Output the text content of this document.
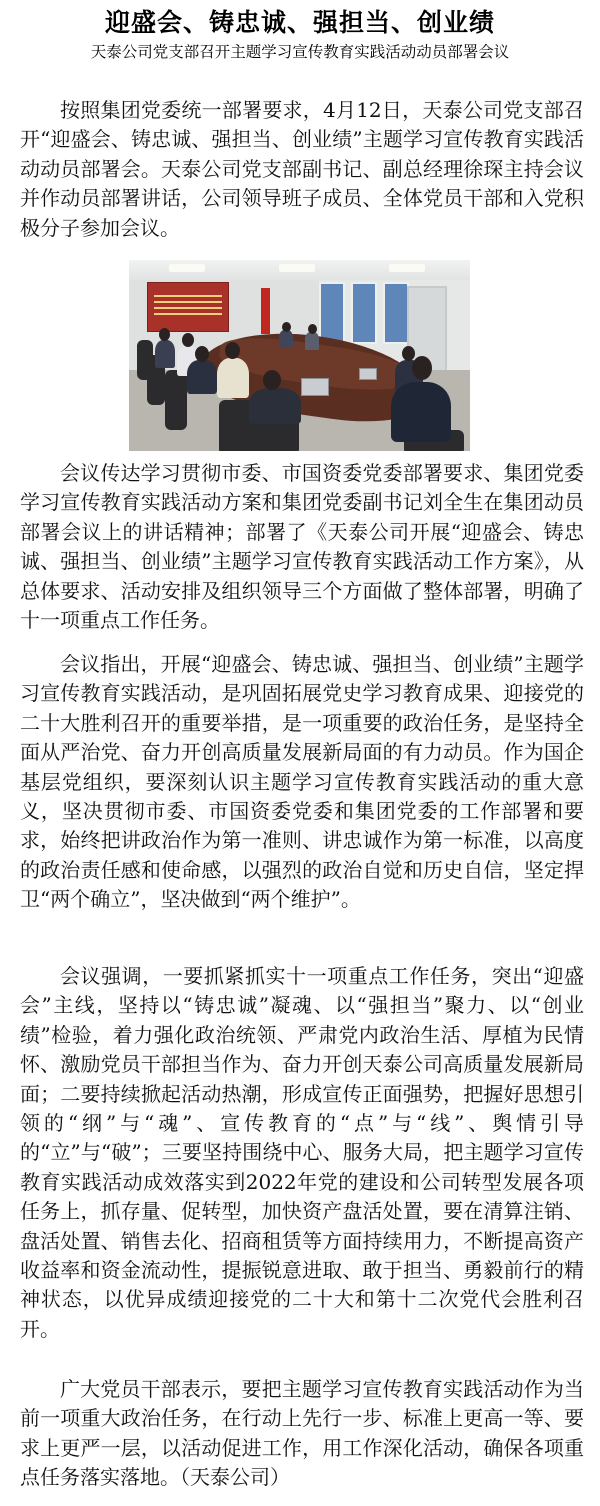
迎盛会、铸忠诚、强担当、创业绩
天泰公司党支部召开主题学习宣传教育实践活动动员部署会议

按照集团党委统一部署要求，4月12日，天泰公司党支部召开“迎盛会、铸忠诚、强担当、创业绩”主题学习宣传教育实践活动动员部署会。天泰公司党支部副书记、副总经理徐琛主持会议并作动员部署讲话，公司领导班子成员、全体党员干部和入党积极分子参加会议。

会议传达学习贯彻市委、市国资委党委部署要求、集团党委学习宣传教育实践活动方案和集团党委副书记刘全生在集团动员部署会议上的讲话精神；部署了《天泰公司开展“迎盛会、铸忠诚、强担当、创业绩”主题学习宣传教育实践活动工作方案》，从总体要求、活动安排及组织领导三个方面做了整体部署，明确了十一项重点工作任务。

会议指出，开展“迎盛会、铸忠诚、强担当、创业绩”主题学习宣传教育实践活动，是巩固拓展党史学习教育成果、迎接党的二十大胜利召开的重要举措，是一项重要的政治任务，是坚持全面从严治党、奋力开创高质量发展新局面的有力动员。作为国企基层党组织，要深刻认识主题学习宣传教育实践活动的重大意义，坚决贯彻市委、市国资委党委和集团党委的工作部署和要求，始终把讲政治作为第一准则、讲忠诚作为第一标准，以高度的政治责任感和使命感，以强烈的政治自觉和历史自信，坚定捍卫“两个确立”，坚决做到“两个维护”。

会议强调，一要抓紧抓实十一项重点工作任务，突出“迎盛会”主线，坚持以“铸忠诚”凝魂、以“强担当”聚力、以“创业绩”检验，着力强化政治统领、严肃党内政治生活、厚植为民情怀、激励党员干部担当作为、奋力开创天泰公司高质量发展新局面；二要持续掀起活动热潮，形成宣传正面强势，把握好思想引领的“纲”与“魂”、宣传教育的“点”与“线”、舆情引导的“立”与“破”；三要坚持围绕中心、服务大局，把主题学习宣传教育实践活动成效落实到2022年党的建设和公司转型发展各项任务上，抓存量、促转型，加快资产盘活处置，要在清算注销、盘活处置、销售去化、招商租赁等方面持续用力，不断提高资产收益率和资金流动性，提振锐意进取、敢于担当、勇毅前行的精神状态，以优异成绩迎接党的二十大和第十二次党代会胜利召开。

广大党员干部表示，要把主题学习宣传教育实践活动作为当前一项重大政治任务，在行动上先行一步、标准上更高一等、要求上更严一层，以活动促进工作，用工作深化活动，确保各项重点任务落实落地。（天泰公司）
